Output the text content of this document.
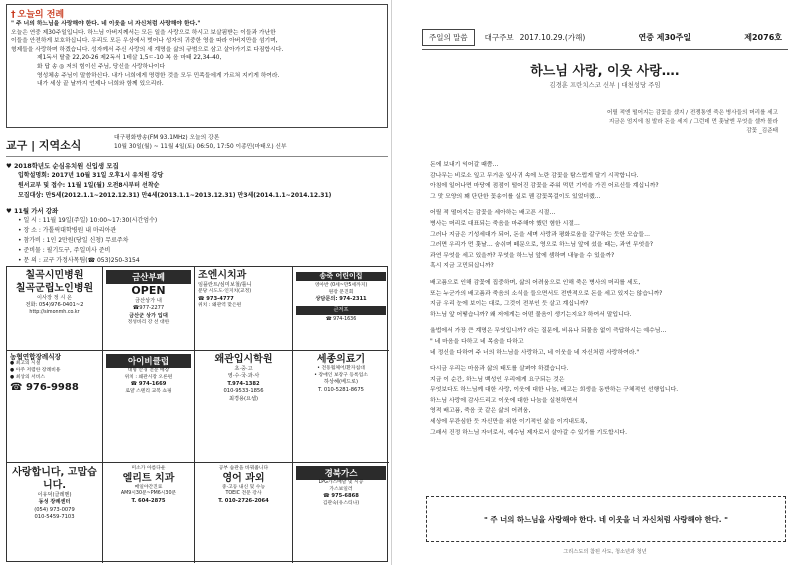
† 오늘의 전례
" 주 너의 하느님을 사랑해야 한다. 네 이웃을 너 자신처럼 사랑해야 한다."
오늘은 연중 제30주일입니다. 하느님 아버지께서는 모든 일을 사랑으로 하시고 보살핌받는 이들과 가난한
이들을 안전하게 보호하십니다. 우리도 모든 우상에서 벗어나 성자의 귀중한 영을 따라 아버지만을 섬기며,
형제들을 사랑하며 하겠습니다. 성자께서 주신 사랑의 새 계명을 삶의 규범으로 삼고 살아가기로 다짐합시다.
제1독서 탈출 22,20-26 제2독서 1테살 1,5ㄷ-10 복 음 마태 22,34-40,
화 답 송 ◎ 저의 힘이신 주님, 당신을 사랑하나이다
영성체송 주님이 말씀하신다. 내가 너희에게 명령한 것을 모두 민족들에게 가르쳐 지키게 하여라.
내가 세상 끝 날까지 언제나 너희와 함께 있으리라.
교구 | 지역소식
대구평화방송(FM 93.1MHz) 오늘의 강론
10월 30일(월) ~ 11월 4일(토) 06:50, 17:50 이종민(마태오) 신부
♥ 2018학년도 순심유치원 신입생 모집
입학설명회: 2017년 10월 31일 오후1시 유치원 강당
원서교부 및 접수: 11월 1일(월) 오전8시부터 선착순
모집대상: 만5세(2012.1.1~2012.12.31) 만4세(2013.1.1~2013.12.31) 만3세(2014.1.1~2014.12.31)
♥ 11월 가서 강좌
• 일 시 : 11월 19일(주일) 10:00~17:30(시간엄수)
• 장 소 : 가톨릭대학병원 내 마리아관
• 참가비 : 1인 2만원(당일 신청) 무료주차
• 준비물 : 필기도구, 주일미사 준비
• 문 의 : 교구 가정사목팀(☎ 053)250-3154
칠곡시민병원
칠곡군립노인병원
이사장 정 시 온
전화: 054)976-0401~2
http://simonmh.co.kr
금산부페
OPEN
금산상가 내
☎977-2277
금산군 상가 입대
정성바리 강 선 대한
조엔시치과
임플란트/심미보철/틀니
분당 시도도·인지치(교정)
☎ 973-4777
위치 : 왜관역 맞은편
송죽 어린이집
영아반 (0세~만5세까지)
원장 문진회
상담문의: 974-2311
큰저프
☎ 974-1636
농협연합장례식장
● 최고의 시설
● 아주 저렴한 장례비용
● 최상의 서비스
☎ 976-9988
아이비클럽
대형 안경 전문 매장
위치 : 왜관시장 오른편
☎ 974-1669
로얄 스텐리 교복 쇼핑
왜관입시학원
초·중·고
영·수·국·과·사
T.974-1382
010-9533-1856
최경용(요셉)
세종의료기
• 전동휠체어/환자침대
• 장애인 보장구 등록업소
하상혜(베드로)
T. 010-5281-8675
사랑합니다, 고맙습니다.
이유덕(클레멘)
동성 장례센터
(054) 973-0079
010-5459-7103
미소가 아름다운
엘리트 치과
매일야간진료
AM9시30분~PM6시30분
T. 604-2875
공부 습관을 바꿔줍니다
영어 과외
중·고등 내신 및 수능
TOEIC 전문 강사
T. 010-2726-2064
경북가스
LPG가스배달 및 시공
가스보일러
☎ 975-6868
김관숙(유스티나)
주일의 말씀	대구주보 2017.10.29.(가해)	연중 제30주일	제2076호
하느님 사랑, 이웃 사랑….
김경훈 프란치스코 신부 | 대천성당 주임
어릴 적엔 떨어지는 감꽃을 셌지 / 전쟁통엔 죽은 병사들의 머리를 세고
지금은 엄지에 침 발라 돈을 세지 / 그런데 먼 훗날엔 무엇을 셀까 몰라
감꽃 _김준태

돈에 보내기 익어갈 때쯤…

감나무는 비로소 잎고 무거운 잎사귀 속에 노란 감꽃을 탐스럽게 달기 시작합니다.

아침에 일어나면 마당에 점점이 떨어진 감꽃을 주워 먹던 기억을 가진 어르신들 계십니까?

그 맛 모양의 꽤 단단한 꽃송이를 실로 꿴 감꽃목걸이도 있었더랬…

어릴 적 떨어지는 감꽃을 세아하는 배고픈 시절…

병사는 머리로 대표되는 죽음을 마주해야 했던 혐한 시절…

그러나 지금은 기성세대가 되어, 돈을 세며 사랑과 평화로움을 갈구하는 듯한 모습들…

그러면 우리가 먼 훗날… 숨쉬며 떼문으로, 영으로 하느님 앞에 섰을 때는, 과연 무엇을?

과연 무엇을 세고 있을까? 무엇을 하느님 앞에 셈하며 내놓을 수 있을까?

혹시 지금 고민되십니까?

배고픔으로 인해 감꽃에 집중하며, 삶의 어려움으로 인해 죽은 병사의 머리를 세도,

또는 누군가의 배고픔과 죽음의 소식을 들으면서도 전반적으로 돈을 세고 있지는 않습니까?

지금 우리 눈에 보이는 대로, 그것이 전부인 듯 살고 계십니까?

하느님 앞 어떻습니까? 왜 저에게는 어떤 물음이 생기는지요? 하여서 말입니다.

율법에서 가장 큰 계명은 무엇입니까? 라는 질문에, 비유나 되물음 없이 즉답하시는 예수님…

" 네 마음을 다하고 네 목숨을 다하고

네 정신을 다하여 주 너의 하느님을 사랑하고, 네 이웃을 네 자신처럼 사랑하여라."

다시금 우리는 마음과 삶의 태도를 살펴야 하겠습니다.

지금 이 순간, 하느님 백성인 우리에게 요구되는 것은

무엇보다도 하느님께 대한 사랑, 이웃에 대한 나눔, 배고는 희생을 동반하는 구체적인 선행입니다.

하느님 사랑에 감사드리고 이웃에 대한 나눔을 실천하면서

영적 배고픔, 죽음 곳 같은 삶의 어려움,

세상에 무관심한 듯 자신만을 위한 이기적인 삶을 이겨내도록,

그래서 진정 하느님 자녀로서, 예수님 제자로서 살아갈 수 있기를 기도합시다.

" 주 너의 하느님을 사랑해야 한다. 네 이웃을 너 자신처럼 사랑해야 한다. "
그리스도의 참된 사도, 청소년과 청년
